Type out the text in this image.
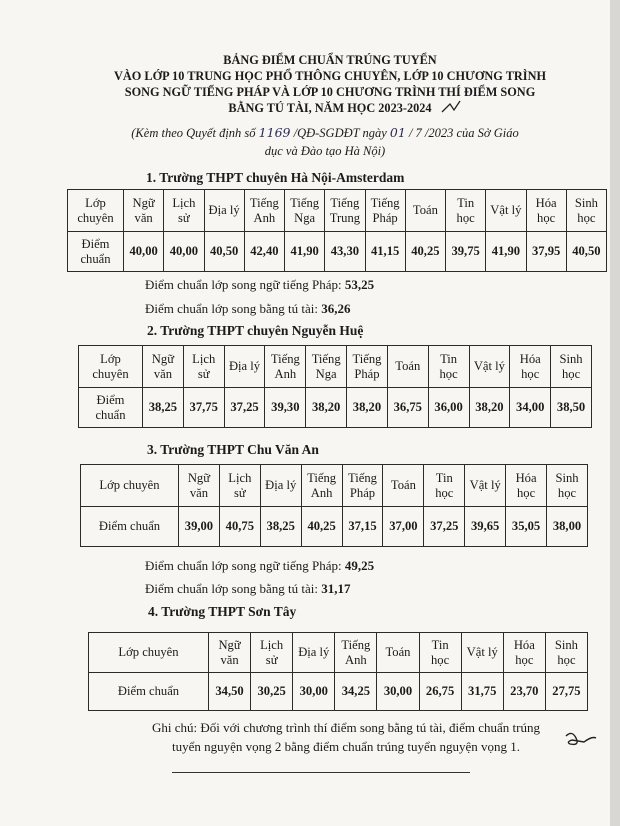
BẢNG ĐIỂM CHUẨN TRÚNG TUYỂN
VÀO LỚP 10 TRUNG HỌC PHỔ THÔNG CHUYÊN, LỚP 10 CHƯƠNG TRÌNH
SONG NGỮ TIẾNG PHÁP VÀ LỚP 10 CHƯƠNG TRÌNH THÍ ĐIỂM SONG
BẰNG TÚ TÀI, NĂM HỌC 2023-2024
(Kèm theo Quyết định số 1169 /QĐ-SGDĐT ngày 01 / 7 /2023 của Sở Giáo
dục và Đào tạo Hà Nội)
1. Trường THPT chuyên Hà Nội-Amsterdam
Lớp chuyên	Ngữ văn	Lịch sử	Địa lý	Tiếng Anh	Tiếng Nga	Tiếng Trung	Tiếng Pháp	Toán	Tin học	Vật lý	Hóa học	Sinh học
Điểm chuẩn	40,00	40,00	40,50	42,40	41,90	43,30	41,15	40,25	39,75	41,90	37,95	40,50
Điểm chuẩn lớp song ngữ tiếng Pháp: 53,25
Điểm chuẩn lớp song bằng tú tài: 36,26
2. Trường THPT chuyên Nguyễn Huệ
Lớp chuyên	Ngữ văn	Lịch sử	Địa lý	Tiếng Anh	Tiếng Nga	Tiếng Pháp	Toán	Tin học	Vật lý	Hóa học	Sinh học
Điểm chuẩn	38,25	37,75	37,25	39,30	38,20	38,20	36,75	36,00	38,20	34,00	38,50
3. Trường THPT Chu Văn An
Lớp chuyên	Ngữ văn	Lịch sử	Địa lý	Tiếng Anh	Tiếng Pháp	Toán	Tin học	Vật lý	Hóa học	Sinh học
Điểm chuẩn	39,00	40,75	38,25	40,25	37,15	37,00	37,25	39,65	35,05	38,00
Điểm chuẩn lớp song ngữ tiếng Pháp: 49,25
Điểm chuẩn lớp song bằng tú tài: 31,17
4. Trường THPT Sơn Tây
Lớp chuyên	Ngữ văn	Lịch sử	Địa lý	Tiếng Anh	Toán	Tin học	Vật lý	Hóa học	Sinh học
Điểm chuẩn	34,50	30,25	30,00	34,25	30,00	26,75	31,75	23,70	27,75
Ghi chú: Đối với chương trình thí điểm song bằng tú tài, điểm chuẩn trúng
tuyển nguyện vọng 2 bằng điểm chuẩn trúng tuyển nguyện vọng 1.
